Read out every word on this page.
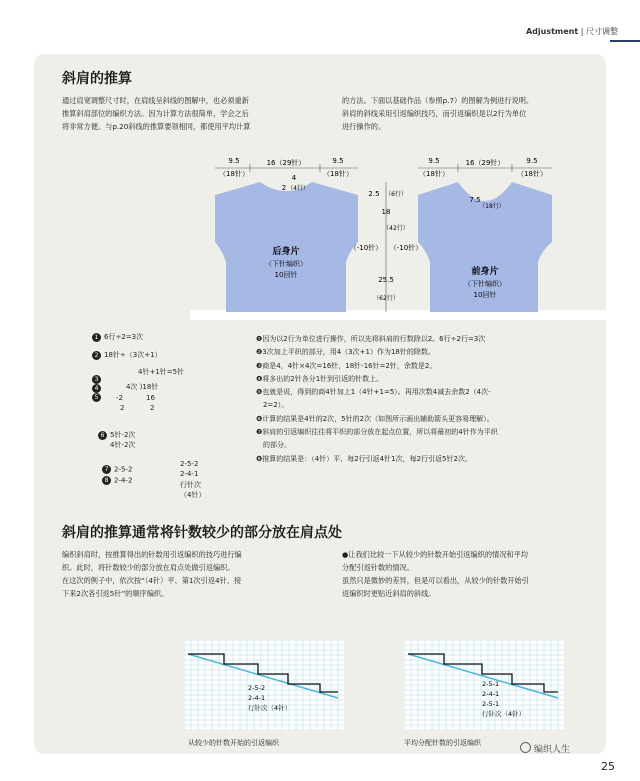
Adjustment | 尺寸调整
斜肩的推算
通过肩宽调整尺寸时，在肩线呈斜线的图解中，也必须重新
推算斜肩部位的编织方法。因为计算方法很简单，学会之后
将非常方便。与p.20斜线的推算要领相同，都使用平均计算
的方法。下面以基础作品（参照p.7）的图解为例进行说明。
斜肩的斜线采用引返编织技巧，而引返编织是以2行为单位
进行操作的。
9.5
（18针）
16（29针）	9.5
（18针）
4
2 （4行）
2.5 （6行）
18
（42行）
（-10针） （-10针）
25.5
（62行）
后身片
（下针编织）
10回针
9.5
（18针）
16（29针）	9.5
（18针）
7.5
（18行）
前身片
（下针编织）
10回针
1 6行÷2=3次
2 18针÷（3次+1）
4针+1针=5针
3
4
5

4次 )18针
-2	16
2	2
6 5针-2次
4针-2次
7 2-5-2
8 2-4-2
2-5-2
2-4-1
行针次
（4针）
❶因为以2行为单位进行操作，所以先将斜肩的行数除以2。6行÷2行=3次
❷3次加上平织的部分，用4（3次+1）作为18针的除数。
❸商是4，4针×4次=16针，18针-16针=2针，余数是2。
❹将多出的2针各分1针到引返的针数上。
❺也就是说，得到的商4针加上1（4针+1=5）。再用次数4减去余数2（4次-
　2=2）。
❻计算的结果是4针的2次，5针的2次（如图所示画出辅助箭头更容易理解）。
❼斜肩的引返编织往往将平织的部分放在起点位置，所以将最初的4针作为平织
　的部分。
❽推算的结果是：（4针）平、每2行引返4针1次，每2行引返5针2次。
斜肩的推算通常将针数较少的部分放在肩点处
编织斜肩时，按推算得出的针数用引返编织的技巧进行编
织。此时，将针数较少的部分放在肩点处做引返编织。
在这次的例子中，依次按“（4针）平、第1次引返4针、接
下来2次各引返5针”的顺序编织。
●让我们比较一下从较少的针数开始引返编织的情况和平均
分配引返针数的情况。
虽然只是微妙的差异，但是可以看出，从较少的针数开始引
返编织时更贴近斜肩的斜线。
2-5-2
2-4-1
行针次（4针）
从较少的针数开始的引返编织
2-5-1
2-4-1
2-5-1
行针次（4针）
平均分配针数的引返编织
编织人生
25
